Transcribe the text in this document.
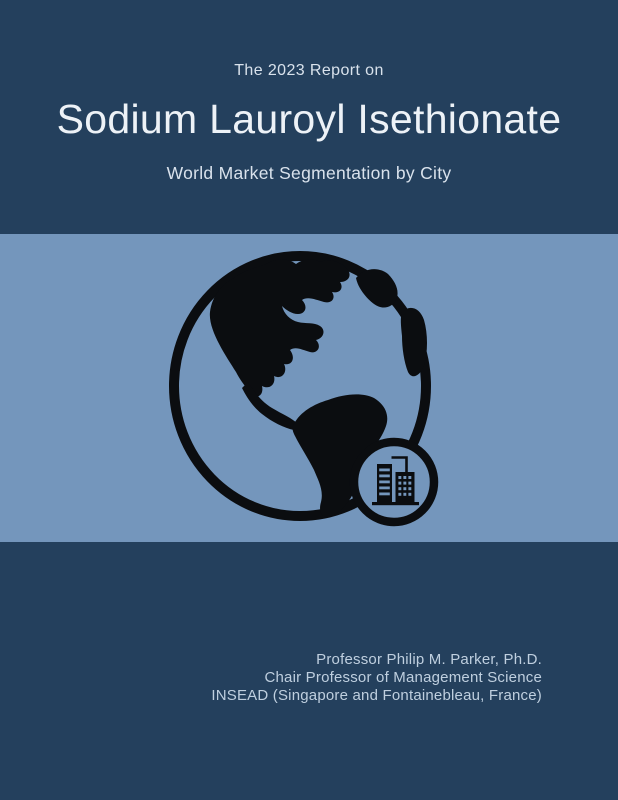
The 2023 Report on
Sodium Lauroyl Isethionate
World Market Segmentation by City
Professor Philip M. Parker, Ph.D.
Chair Professor of Management Science
INSEAD (Singapore and Fontainebleau, France)
